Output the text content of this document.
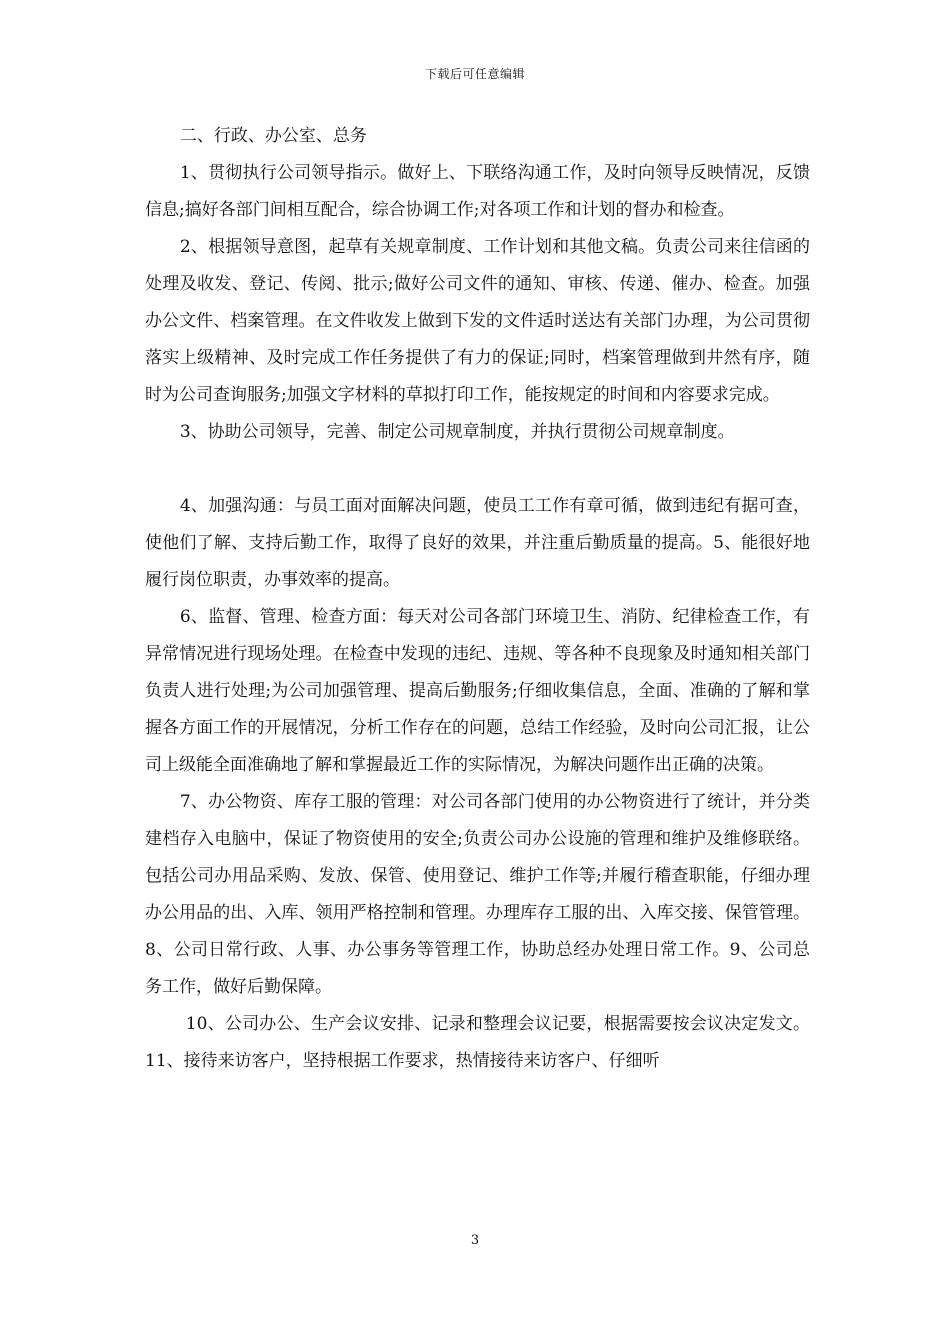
下载后可任意编辑

二、行政、办公室、总务

1、贯彻执行公司领导指示。做好上、下联络沟通工作，及时向领导反映情况，反馈信息;搞好各部门间相互配合，综合协调工作;对各项工作和计划的督办和检查。

2、根据领导意图，起草有关规章制度、工作计划和其他文稿。负责公司来往信函的处理及收发、登记、传阅、批示;做好公司文件的通知、审核、传递、催办、检查。加强办公文件、档案管理。在文件收发上做到下发的文件适时送达有关部门办理，为公司贯彻落实上级精神、及时完成工作任务提供了有力的保证;同时，档案管理做到井然有序，随时为公司查询服务;加强文字材料的草拟打印工作，能按规定的时间和内容要求完成。

3、协助公司领导，完善、制定公司规章制度，并执行贯彻公司规章制度。

4、加强沟通：与员工面对面解决问题，使员工工作有章可循，做到违纪有据可查，使他们了解、支持后勤工作，取得了良好的效果，并注重后勤质量的提高。5、能很好地履行岗位职责，办事效率的提高。

6、监督、管理、检查方面：每天对公司各部门环境卫生、消防、纪律检查工作，有异常情况进行现场处理。在检查中发现的违纪、违规、等各种不良现象及时通知相关部门负责人进行处理;为公司加强管理、提高后勤服务;仔细收集信息，全面、准确的了解和掌握各方面工作的开展情况，分析工作存在的问题，总结工作经验，及时向公司汇报，让公司上级能全面准确地了解和掌握最近工作的实际情况，为解决问题作出正确的决策。

7、办公物资、库存工服的管理：对公司各部门使用的办公物资进行了统计，并分类建档存入电脑中，保证了物资使用的安全;负责公司办公设施的管理和维护及维修联络。包括公司办用品采购、发放、保管、使用登记、维护工作等;并履行稽查职能，仔细办理办公用品的出、入库、领用严格控制和管理。办理库存工服的出、入库交接、保管管理。8、公司日常行政、人事、办公事务等管理工作，协助总经办处理日常工作。9、公司总务工作，做好后勤保障。

10、公司办公、生产会议安排、记录和整理会议记要，根据需要按会议决定发文。11、接待来访客户，坚持根据工作要求，热情接待来访客户、仔细听

3
